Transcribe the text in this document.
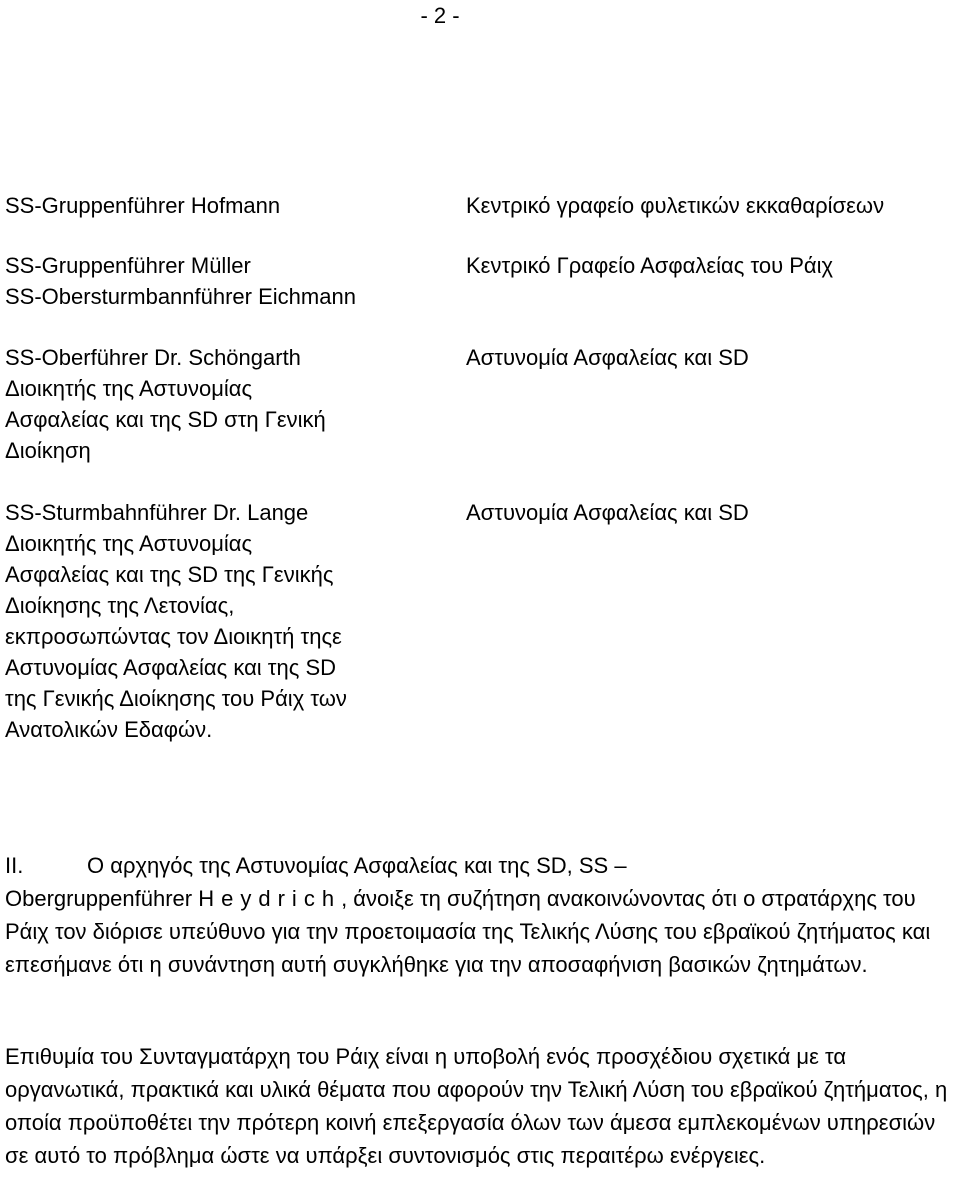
- 2 -
SS-Gruppenführer Hofmann	Κεντρικό γραφείο φυλετικών εκκαθαρίσεων
SS-Gruppenführer Müller
SS-Obersturmbannführer Eichmann
Κεντρικό Γραφείο Ασφαλείας του Ράιχ
SS-Oberführer Dr. Schöngarth
Διοικητής της Αστυνομίας
Ασφαλείας και της SD στη Γενική
Διοίκηση
Αστυνομία Ασφαλείας και SD
SS-Sturmbahnführer Dr. Lange
Διοικητής της Αστυνομίας
Ασφαλείας και της SD της Γενικής
Διοίκησης της Λετονίας,
εκπροσωπώντας τον Διοικητή τηςε
Αστυνομίας Ασφαλείας και της SD
της Γενικής Διοίκησης του Ράιχ των
Ανατολικών Εδαφών.
Αστυνομία Ασφαλείας και SD
II.	Ο αρχηγός της Αστυνομίας Ασφαλείας και της SD, SS – Obergruppenführer Heydrich, άνοιξε τη συζήτηση ανακοινώνοντας ότι ο στρατάρχης του Ράιχ τον διόρισε υπεύθυνο για την προετοιμασία της Τελικής Λύσης του εβραϊκού ζητήματος και επεσήμανε ότι η συνάντηση αυτή συγκλήθηκε για την αποσαφήνιση βασικών ζητημάτων.
Επιθυμία του Συνταγματάρχη του Ράιχ είναι η υποβολή ενός προσχέδιου σχετικά με τα οργανωτικά, πρακτικά και υλικά θέματα που αφορούν την Τελική Λύση του εβραϊκού ζητήματος, η οποία προϋποθέτει την πρότερη κοινή επεξεργασία όλων των άμεσα εμπλεκομένων υπηρεσιών σε αυτό το πρόβλημα ώστε να υπάρξει συντονισμός στις περαιτέρω ενέργειες.
